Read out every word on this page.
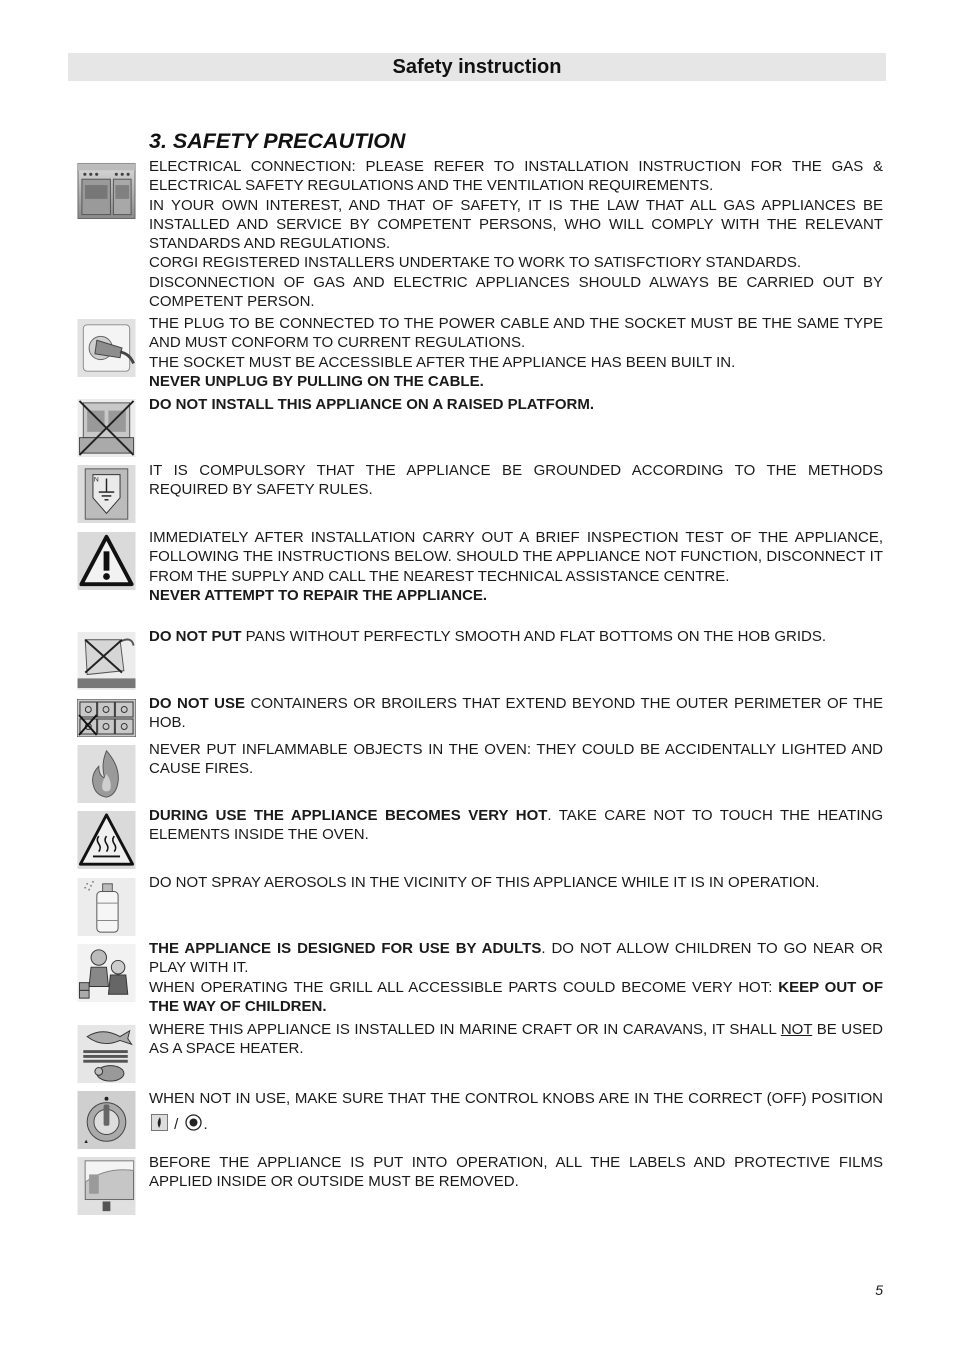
Safety instruction
3. SAFETY PRECAUTION

ELECTRICAL CONNECTION: PLEASE REFER TO INSTALLATION INSTRUCTION FOR THE GAS & ELECTRICAL SAFETY REGULATIONS AND THE VENTILATION REQUIREMENTS.

IN YOUR OWN INTEREST, AND THAT OF SAFETY, IT IS THE LAW THAT ALL GAS APPLIANCES BE INSTALLED AND SERVICE BY COMPETENT PERSONS, WHO WILL COMPLY WITH THE RELEVANT STANDARDS AND REGULATIONS.

CORGI REGISTERED INSTALLERS UNDERTAKE TO WORK TO SATISFCTIORY STANDARDS.

DISCONNECTION OF GAS AND ELECTRIC APPLIANCES SHOULD ALWAYS BE CARRIED OUT BY COMPETENT PERSON.

THE PLUG TO BE CONNECTED TO THE POWER CABLE AND THE SOCKET MUST BE THE SAME TYPE AND MUST CONFORM TO CURRENT REGULATIONS.

THE SOCKET MUST BE ACCESSIBLE AFTER THE APPLIANCE HAS BEEN BUILT IN.

NEVER UNPLUG BY PULLING ON THE CABLE.

DO NOT INSTALL THIS APPLIANCE ON A RAISED PLATFORM.

N

IT IS COMPULSORY THAT THE APPLIANCE BE GROUNDED ACCORDING TO THE METHODS REQUIRED BY SAFETY RULES.

IMMEDIATELY AFTER INSTALLATION CARRY OUT A BRIEF INSPECTION TEST OF THE APPLIANCE, FOLLOWING THE INSTRUCTIONS BELOW. SHOULD THE APPLIANCE NOT FUNCTION, DISCONNECT IT FROM THE SUPPLY AND CALL THE NEAREST TECHNICAL ASSISTANCE CENTRE.

NEVER ATTEMPT TO REPAIR THE APPLIANCE.

DO NOT PUT PANS WITHOUT PERFECTLY SMOOTH AND FLAT BOTTOMS ON THE HOB GRIDS.

DO NOT USE CONTAINERS OR BROILERS THAT EXTEND BEYOND THE OUTER PERIMETER OF THE HOB.

NEVER PUT INFLAMMABLE OBJECTS IN THE OVEN: THEY COULD BE ACCIDENTALLY LIGHTED AND CAUSE FIRES.

DURING USE THE APPLIANCE BECOMES VERY HOT. TAKE CARE NOT TO TOUCH THE HEATING ELEMENTS INSIDE THE OVEN.

DO NOT SPRAY AEROSOLS IN THE VICINITY OF THIS APPLIANCE WHILE IT IS IN OPERATION.

THE APPLIANCE IS DESIGNED FOR USE BY ADULTS. DO NOT ALLOW CHILDREN TO GO NEAR OR PLAY WITH IT.

WHEN OPERATING THE GRILL ALL ACCESSIBLE PARTS COULD BECOME VERY HOT: KEEP OUT OF THE WAY OF CHILDREN.

WHERE THIS APPLIANCE IS INSTALLED IN MARINE CRAFT OR IN CARAVANS, IT SHALL NOT BE USED AS A SPACE HEATER.

▲

WHEN NOT IN USE, MAKE SURE THAT THE CONTROL KNOBS ARE IN THE CORRECT (OFF) POSITION  / .

BEFORE THE APPLIANCE IS PUT INTO OPERATION, ALL THE LABELS AND PROTECTIVE FILMS APPLIED INSIDE OR OUTSIDE MUST BE REMOVED.

5
